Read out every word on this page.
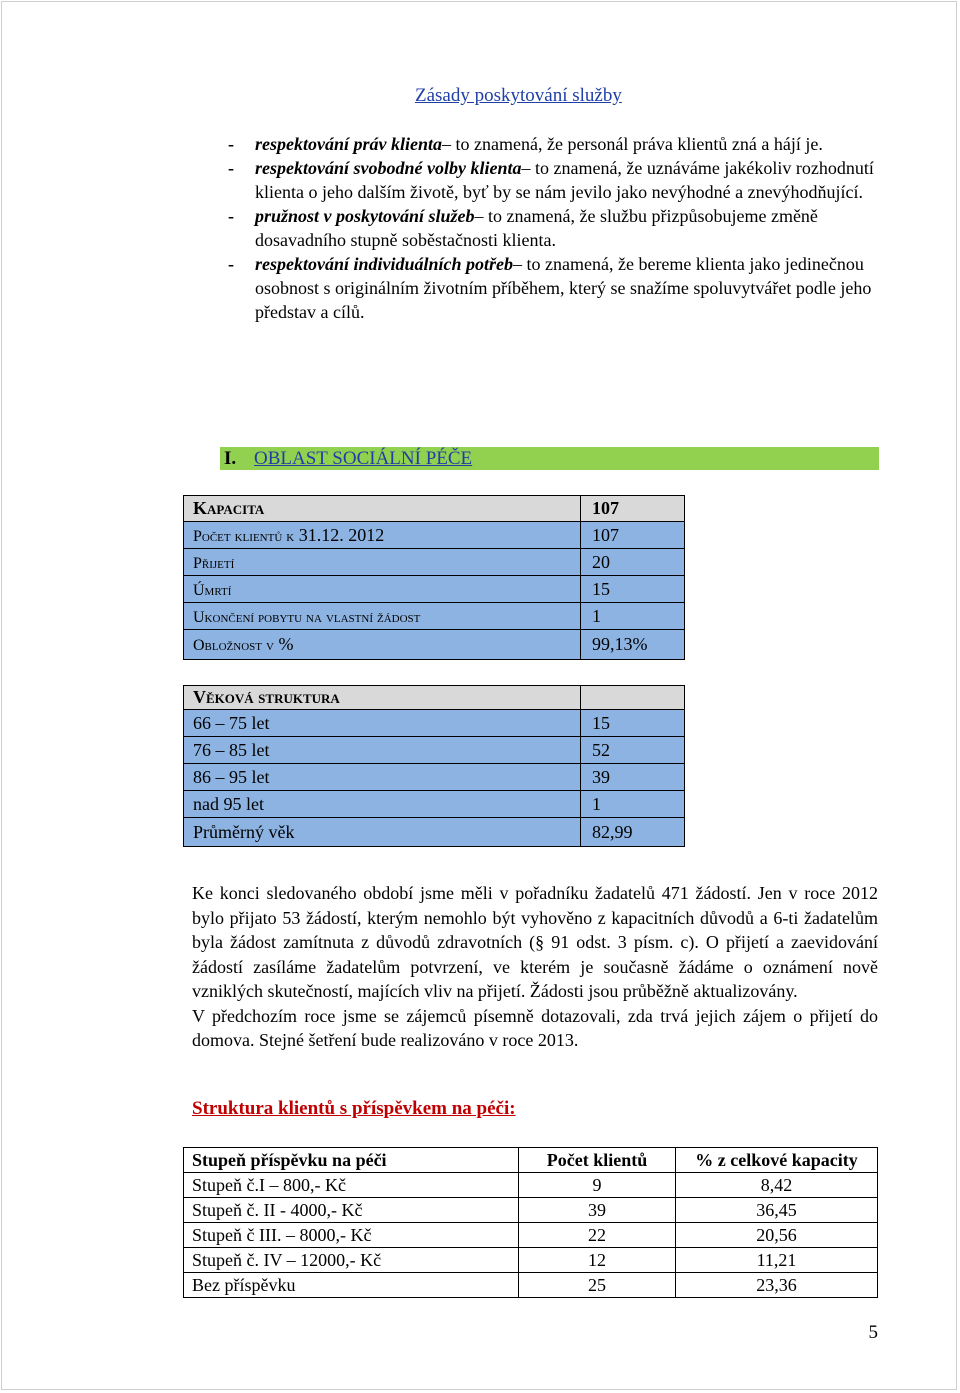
Zásady poskytování služby
-	respektování práv klienta– to znamená, že personál práva klientů zná a hájí je.
-	respektování svobodné volby klienta– to znamená, že uznáváme jakékoliv rozhodnutí klienta o jeho dalším životě, byť by se nám jevilo jako nevýhodné a znevýhodňující.
-	pružnost v poskytování služeb– to znamená, že službu přizpůsobujeme změně dosavadního stupně soběstačnosti klienta.
-	respektování individuálních potřeb– to znamená, že bereme klienta jako jedinečnou osobnost s originálním životním příběhem, který se snažíme spoluvytvářet podle jeho představ a cílů.
I. OBLAST SOCIÁLNÍ PÉČE
Kapacita	107
Počet klientů k 31.12. 2012	107
Přijetí	20
Úmrtí	15
Ukončení pobytu na vlastní žádost	1
Obložnost v %	99,13%
Věková struktura	
66 – 75 let	15
76 – 85 let	52
86 – 95 let	39
nad 95 let	1
Průměrný věk	82,99

Ke konci sledovaného období jsme měli v pořadníku žadatelů 471 žádostí. Jen v roce 2012 bylo přijato 53 žádostí, kterým nemohlo být vyhověno z kapacitních důvodů a 6-ti žadatelům byla žádost zamítnuta z důvodů zdravotních (§ 91 odst. 3 písm. c). O přijetí a zaevidování žádostí zasíláme žadatelům potvrzení, ve kterém je současně žádáme o oznámení nově vzniklých skutečností, majících vliv na přijetí. Žádosti jsou průběžně aktualizovány.

V předchozím roce jsme se zájemců písemně dotazovali, zda trvá jejich zájem o přijetí do domova. Stejné šetření bude realizováno v roce 2013.

Struktura klientů s příspěvkem na péči:
Stupeň příspěvku na péči	Počet klientů	% z celkové kapacity
Stupeň č.I – 800,- Kč	9	8,42
Stupeň č. II - 4000,- Kč	39	36,45
Stupeň č III. – 8000,- Kč	22	20,56
Stupeň č. IV – 12000,- Kč	12	11,21
Bez příspěvku	25	23,36
5
